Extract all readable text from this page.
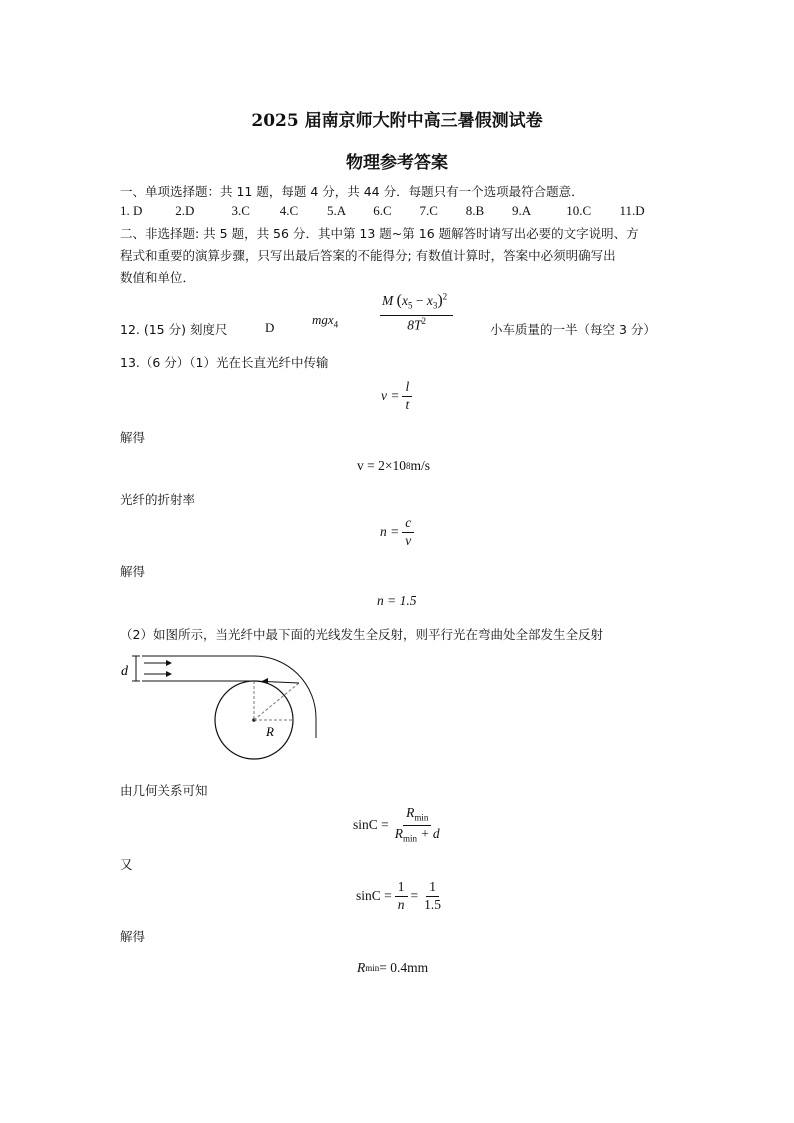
2025 届南京师大附中高三暑假测试卷
物理参考答案
一、单项选择题：共 11 题，每题 4 分，共 44 分．每题只有一个选项最符合题意．
1. D	2.D	3.C 4.C 5.A 6.C 7.C 8.B 9.A	10.C 11.D
二、非选择题: 共 5 题，共 56 分．其中第 13 题~第 16 题解答时请写出必要的文字说明、方
程式和重要的演算步骤，只写出最后答案的不能得分; 有数值计算时，答案中必须明确写出
数值和单位．
12. (15 分) 刻度尺	D
mgx$_4$	$\frac{M (x_5 - x_3)^2}{8T^2}$	小车质量的一半（每空 3 分）
13.（6 分）（1）光在长直光纤中传输
$v = \frac{l}{t}$
解得
v = 2×10 8 m/s
光纤的折射率
$n = \frac{c}{v}$
解得
n = 1.5
（2）如图所示，当光纤中最下面的光线发生全反射，则平行光在弯曲处全部发生全反射
d
R
由几何关系可知
$\sin C = \frac{R_{min}}{R_{min} + d}$
又
$\sin C = \frac{1}{n} = \frac{1}{1.5}$
解得
R min = 0.4mm
